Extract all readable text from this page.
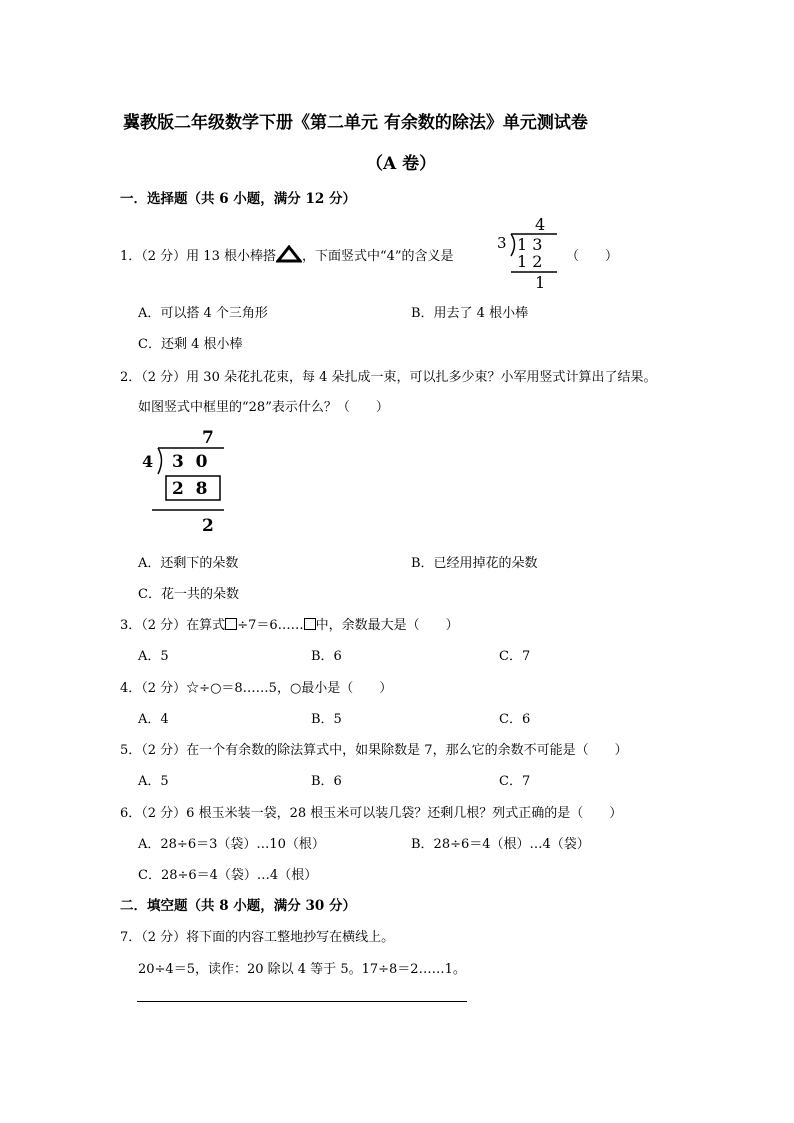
冀教版二年级数学下册《第二单元 有余数的除法》单元测试卷
（A 卷）
一．选择题（共 6 小题，满分 12 分）
1．（2 分）用 13 根小棒搭 ，下面竖式中“4”的含义是
4
3 1 3
1 2
1
（　　）
A．可以搭 4 个三角形	B．用去了 4 根小棒
C．还剩 4 根小棒
2．（2 分）用 30 朵花扎花束，每 4 朵扎成一束，可以扎多少束？小军用竖式计算出了结果。
如图竖式中框里的“28”表示什么？（　　）
7
4 3  0
2  8
2
A．还剩下的朵数	B．已经用掉花的朵数
C．花一共的朵数
3．（2 分）在算式 ÷7＝6…… 中，余数最大是（　　）
A．5	B．6	C．7
4．（2 分）☆÷○＝8……5，○最小是（　　）
A．4	B．5	C．6
5．（2 分）在一个有余数的除法算式中，如果除数是 7，那么它的余数不可能是（　　）
A．5	B．6	C．7
6．（2 分）6 根玉米装一袋，28 根玉米可以装几袋？还剩几根？列式正确的是（　　）
A．28÷6＝3（袋）…10（根）	B．28÷6＝4（根）…4（袋）
C．28÷6＝4（袋）…4（根）
二．填空题（共 8 小题，满分 30 分）
7．（2 分）将下面的内容工整地抄写在横线上。
20÷4＝5，读作：20 除以 4 等于 5。17÷8＝2……1。
